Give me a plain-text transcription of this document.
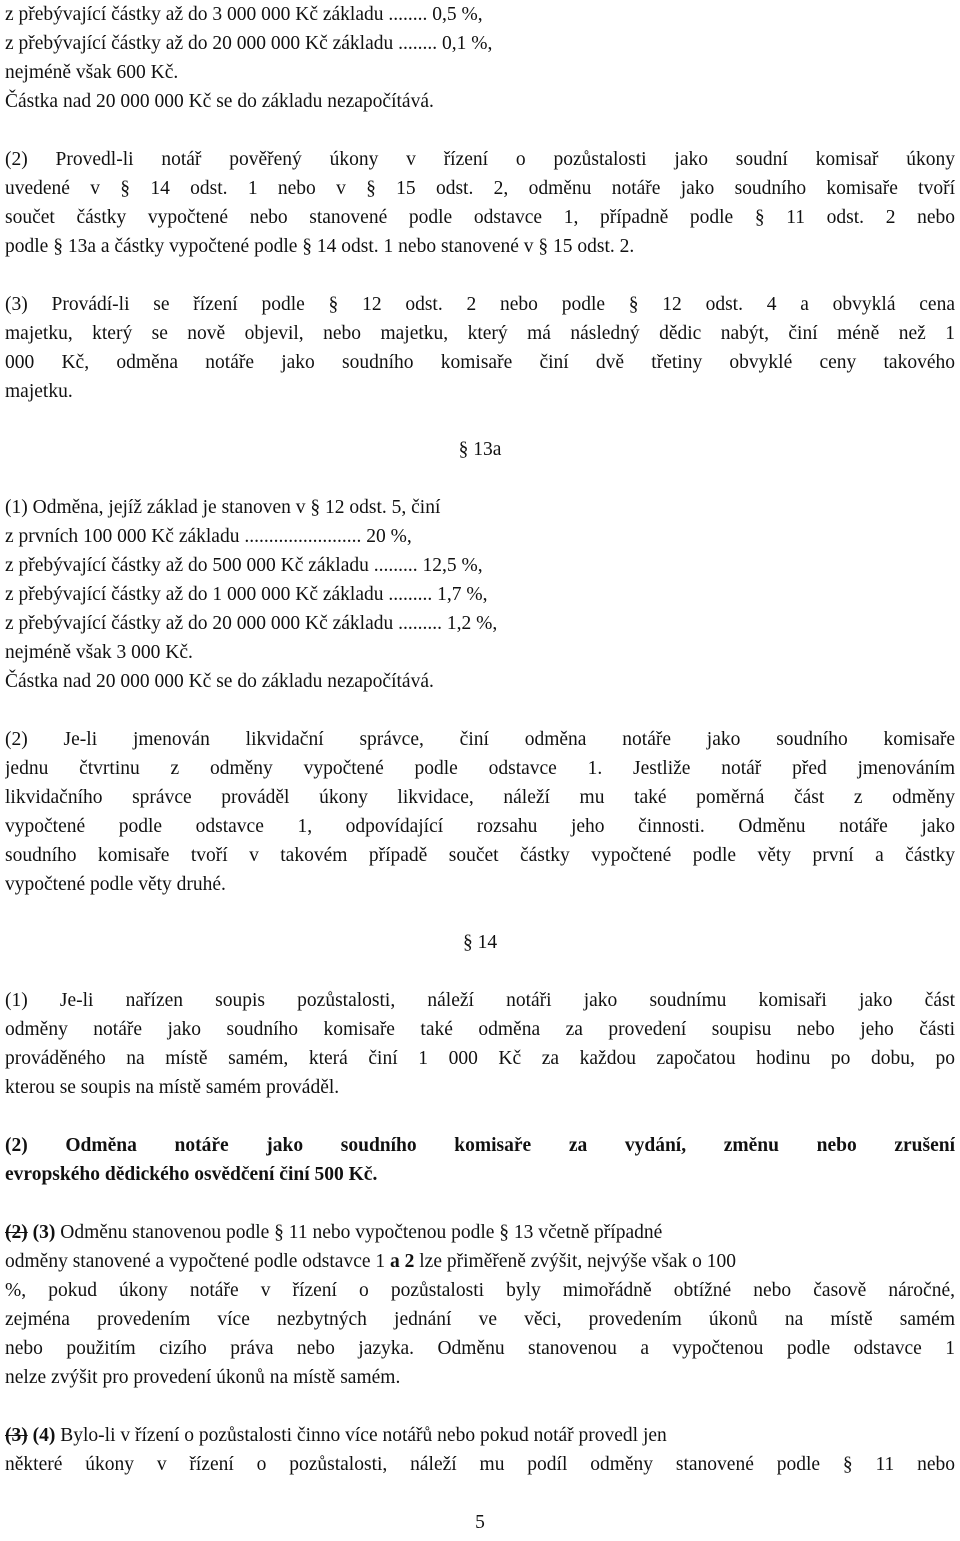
z přebývající částky až do 3 000 000 Kč základu ........ 0,5 %,
z přebývající částky až do 20 000 000 Kč základu ........ 0,1 %,
nejméně však 600 Kč.
Částka nad 20 000 000 Kč se do základu nezapočítává.
(2) Provedl-li notář pověřený úkony v řízení o pozůstalosti jako soudní komisař úkony
uvedené v § 14 odst. 1 nebo v § 15 odst. 2, odměnu notáře jako soudního komisaře tvoří
součet částky vypočtené nebo stanovené podle odstavce 1, případně podle § 11 odst. 2 nebo
podle § 13a a částky vypočtené podle § 14 odst. 1 nebo stanovené v § 15 odst. 2.
(3) Provádí-li se řízení podle § 12 odst. 2 nebo podle § 12 odst. 4 a obvyklá cena
majetku, který se nově objevil, nebo majetku, který má následný dědic nabýt, činí méně než 1
000 Kč, odměna notáře jako soudního komisaře činí dvě třetiny obvyklé ceny takového
majetku.
§ 13a
(1) Odměna, jejíž základ je stanoven v § 12 odst. 5, činí
z prvních 100 000 Kč základu ........................ 20 %,
z přebývající částky až do 500 000 Kč základu ......... 12,5 %,
z přebývající částky až do 1 000 000 Kč základu ......... 1,7 %,
z přebývající částky až do 20 000 000 Kč základu ......... 1,2 %,
nejméně však 3 000 Kč.
Částka nad 20 000 000 Kč se do základu nezapočítává.
(2) Je-li jmenován likvidační správce, činí odměna notáře jako soudního komisaře
jednu čtvrtinu z odměny vypočtené podle odstavce 1. Jestliže notář před jmenováním
likvidačního správce prováděl úkony likvidace, náleží mu také poměrná část z odměny
vypočtené podle odstavce 1, odpovídající rozsahu jeho činnosti. Odměnu notáře jako
soudního komisaře tvoří v takovém případě součet částky vypočtené podle věty první a částky
vypočtené podle věty druhé.
§ 14
(1) Je-li nařízen soupis pozůstalosti, náleží notáři jako soudnímu komisaři jako část
odměny notáře jako soudního komisaře také odměna za provedení soupisu nebo jeho části
prováděného na místě samém, která činí 1 000 Kč za každou započatou hodinu po dobu, po
kterou se soupis na místě samém prováděl.
(2) Odměna notáře jako soudního komisaře za vydání, změnu nebo zrušení
evropského dědického osvědčení činí 500 Kč.
(2) (3) Odměnu stanovenou podle § 11 nebo vypočtenou podle § 13 včetně případné
odměny stanovené a vypočtené podle odstavce 1 a 2 lze přiměřeně zvýšit, nejvýše však o 100
%, pokud úkony notáře v řízení o pozůstalosti byly mimořádně obtížné nebo časově náročné,
zejména provedením více nezbytných jednání ve věci, provedením úkonů na místě samém
nebo použitím cizího práva nebo jazyka. Odměnu stanovenou a vypočtenou podle odstavce 1
nelze zvýšit pro provedení úkonů na místě samém.
(3) (4) Bylo-li v řízení o pozůstalosti činno více notářů nebo pokud notář provedl jen
některé úkony v řízení o pozůstalosti, náleží mu podíl odměny stanovené podle § 11 nebo
5
